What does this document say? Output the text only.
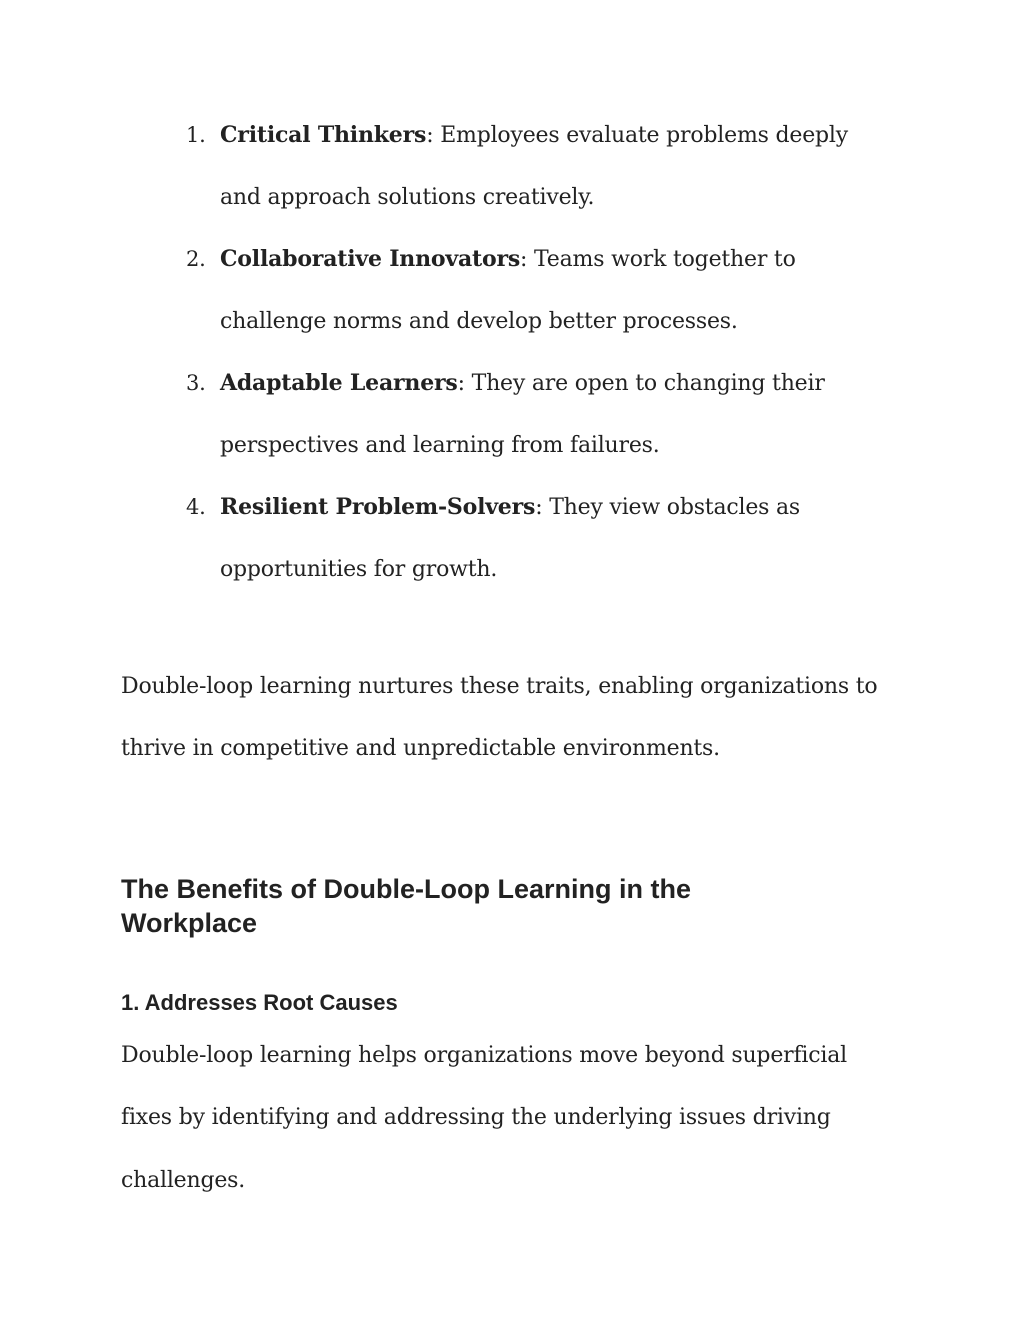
1. Critical Thinkers: Employees evaluate problems deeply
and approach solutions creatively.
2. Collaborative Innovators: Teams work together to
challenge norms and develop better processes.
3. Adaptable Learners: They are open to changing their
perspectives and learning from failures.
4. Resilient Problem-Solvers: They view obstacles as
opportunities for growth.
Double-loop learning nurtures these traits, enabling organizations to
thrive in competitive and unpredictable environments.
The Benefits of Double-Loop Learning in the
Workplace
1. Addresses Root Causes
Double-loop learning helps organizations move beyond superficial
fixes by identifying and addressing the underlying issues driving
challenges.
